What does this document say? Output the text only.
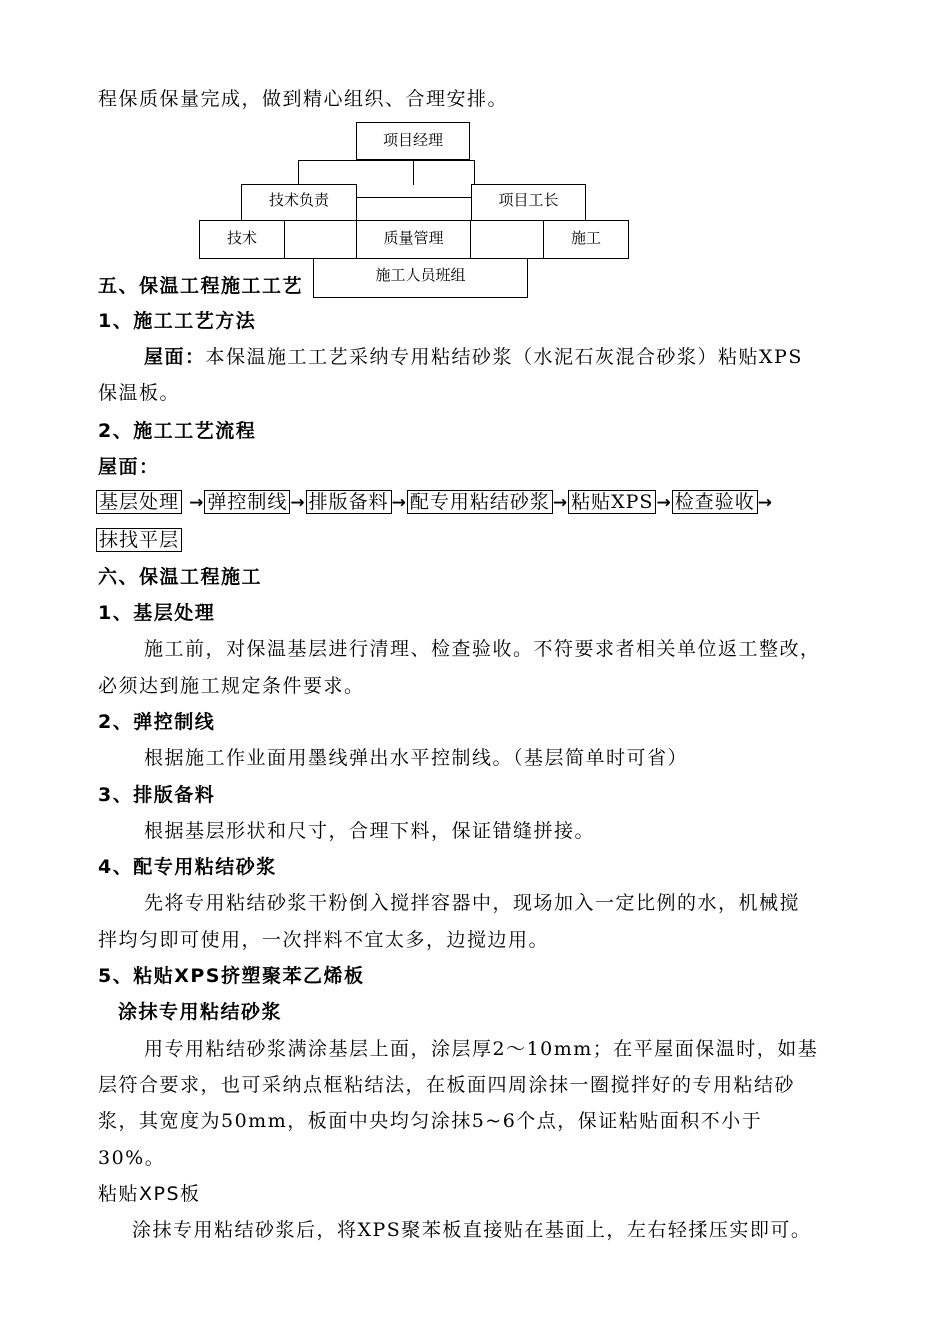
程保质保量完成，做到精心组织、合理安排。
项目经理
技术负责	项目工长
技术	质量管理	施工
施工人员班组
五、保温工程施工工艺
1、施工工艺方法
屋面：本保温施工工艺采纳专用粘结砂浆（水泥石灰混合砂浆）粘贴XPS
保温板。
2、施工工艺流程
屋面：
基层处理 → 弹控制线 → 排版备料 → 配专用粘结砂浆 → 粘贴XPS → 检查验收 →
抹找平层
六、保温工程施工
1、基层处理
施工前，对保温基层进行清理、检查验收。不符要求者相关单位返工整改，
必须达到施工规定条件要求。
2、弹控制线
根据施工作业面用墨线弹出水平控制线。（基层简单时可省）
3、排版备料
根据基层形状和尺寸，合理下料，保证错缝拼接。
4、配专用粘结砂浆
先将专用粘结砂浆干粉倒入搅拌容器中，现场加入一定比例的水，机械搅
拌均匀即可使用，一次拌料不宜太多，边搅边用。
5、粘贴XPS挤塑聚苯乙烯板
涂抹专用粘结砂浆
用专用粘结砂浆满涂基层上面，涂层厚2～10mm；在平屋面保温时，如基
层符合要求，也可采纳点框粘结法，在板面四周涂抹一圈搅拌好的专用粘结砂
浆，其宽度为50mm，板面中央均匀涂抹5~6个点，保证粘贴面积不小于
30%。
粘贴XPS板
涂抹专用粘结砂浆后，将XPS聚苯板直接贴在基面上，左右轻揉压实即可。
